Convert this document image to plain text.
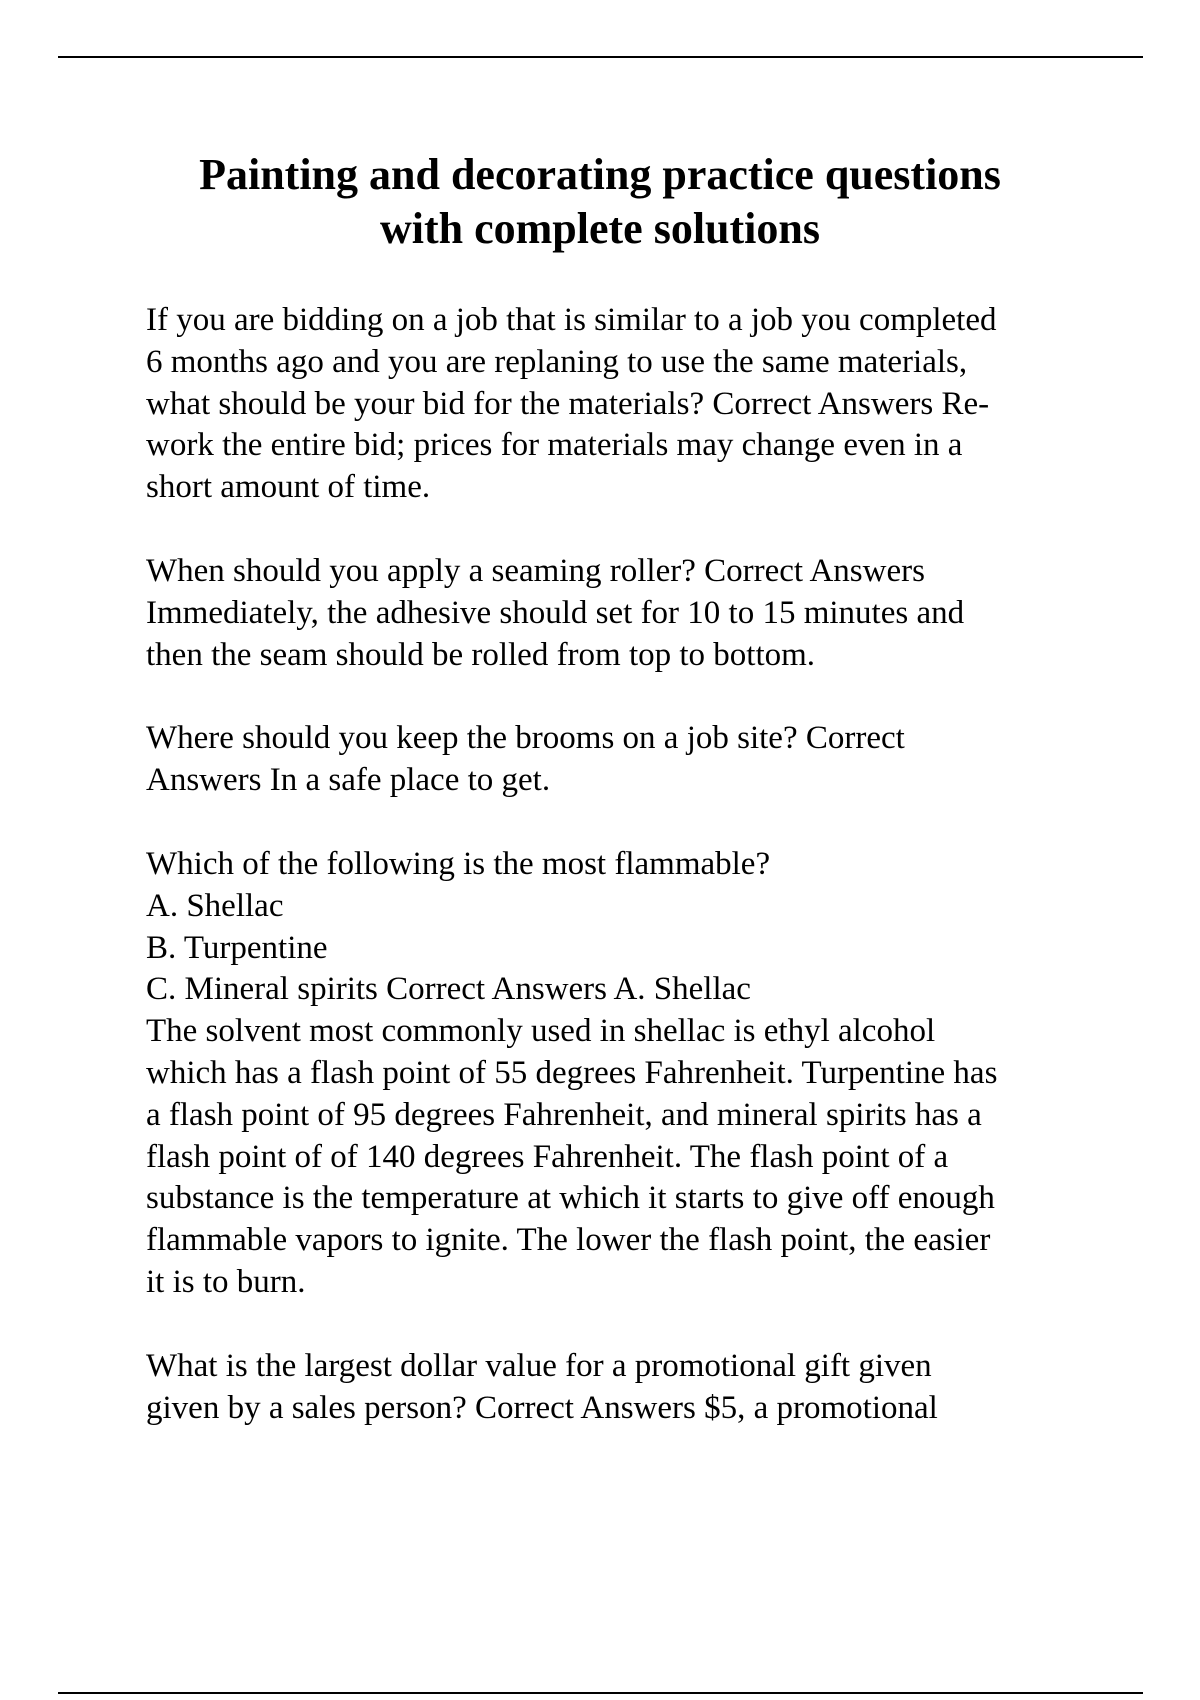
Painting and decorating practice questions
with complete solutions

If you are bidding on a job that is similar to a job you completed
6 months ago and you are replaning to use the same materials,
what should be your bid for the materials? Correct Answers Re-
work the entire bid; prices for materials may change even in a
short amount of time.

When should you apply a seaming roller? Correct Answers
Immediately, the adhesive should set for 10 to 15 minutes and
then the seam should be rolled from top to bottom.

Where should you keep the brooms on a job site? Correct
Answers In a safe place to get.

Which of the following is the most flammable?
A. Shellac
B. Turpentine
C. Mineral spirits Correct Answers A. Shellac
The solvent most commonly used in shellac is ethyl alcohol
which has a flash point of 55 degrees Fahrenheit. Turpentine has
a flash point of 95 degrees Fahrenheit, and mineral spirits has a
flash point of of 140 degrees Fahrenheit. The flash point of a
substance is the temperature at which it starts to give off enough
flammable vapors to ignite. The lower the flash point, the easier
it is to burn.

What is the largest dollar value for a promotional gift given
given by a sales person? Correct Answers $5, a promotional
